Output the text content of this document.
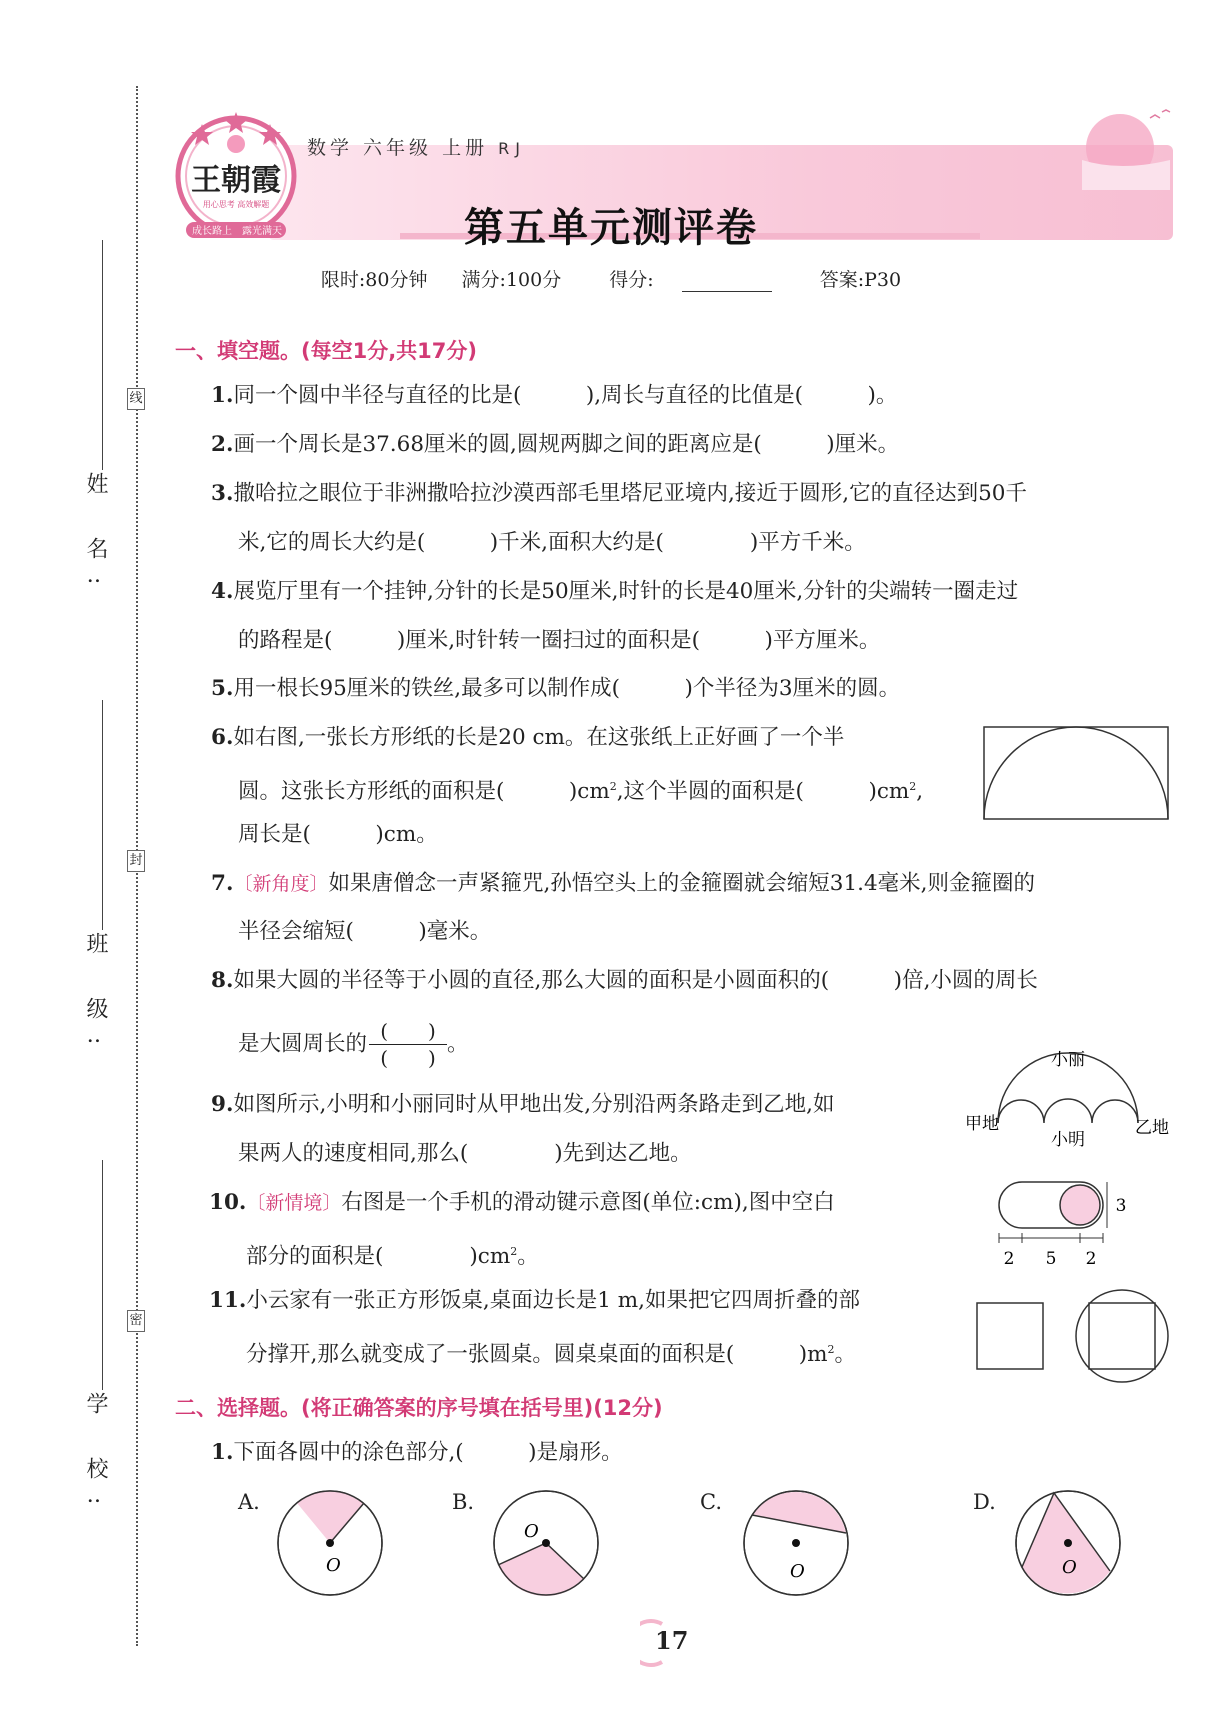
线
封
密
姓 名:
班 级:
学 校:
王朝霞
用心思考 高效解题
成长路上 露光满天
数学 六年级 上册 RJ
第五单元测评卷
限时:80分钟 满分:100分	得分:	答案:P30
一、填空题。(每空1分,共17分)
1.同一个圆中半径与直径的比是(　　　),周长与直径的比值是(　　　)。
2.画一个周长是37.68厘米的圆,圆规两脚之间的距离应是(　　　)厘米。
3.撒哈拉之眼位于非洲撒哈拉沙漠西部毛里塔尼亚境内,接近于圆形,它的直径达到50千
米,它的周长大约是(　　　)千米,面积大约是(　　　　)平方千米。
4.展览厅里有一个挂钟,分针的长是50厘米,时针的长是40厘米,分针的尖端转一圈走过
的路程是(　　　)厘米,时针转一圈扫过的面积是(　　　)平方厘米。
5.用一根长95厘米的铁丝,最多可以制作成(　　　)个半径为3厘米的圆。
6.如右图,一张长方形纸的长是20 cm。在这张纸上正好画了一个半
圆。这张长方形纸的面积是(　　　)$cm^2$,这个半圆的面积是(　　　)$cm^2$,
周长是(　　　)cm。
7.〔新角度〕如果唐僧念一声紧箍咒,孙悟空头上的金箍圈就会缩短31.4毫米,则金箍圈的
半径会缩短(　　　)毫米。
8.如果大圆的半径等于小圆的直径,那么大圆的面积是小圆面积的(　　　)倍,小圆的周长
是大圆周长的 $\frac{( )}{( )}$ 。
9.如图所示,小明和小丽同时从甲地出发,分别沿两条路走到乙地,如
果两人的速度相同,那么(　　　　)先到达乙地。
小丽
甲地
小明
乙地
10.〔新情境〕右图是一个手机的滑动键示意图(单位:cm),图中空白
部分的面积是(　　　　)$cm^2$。
3
2 5 2
11.小云家有一张正方形饭桌,桌面边长是1 m,如果把它四周折叠的部
分撑开,那么就变成了一张圆桌。圆桌桌面的面积是(　　　)$m^2$。
二、选择题。(将正确答案的序号填在括号里)(12分)
1.下面各圆中的涂色部分,(　　　)是扇形。
A.
O
B.
O
C.
O
D.
O
17
